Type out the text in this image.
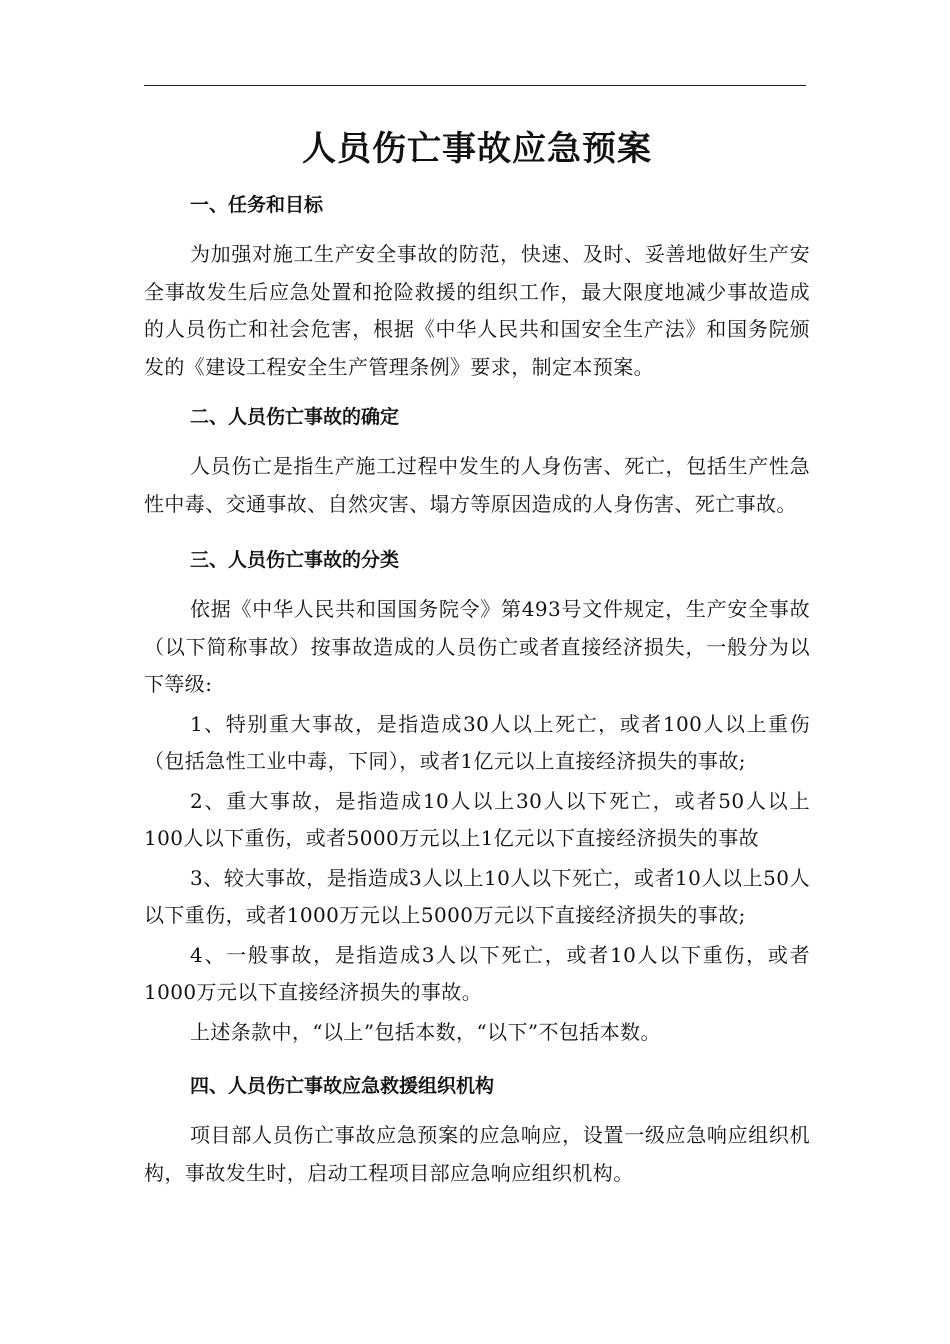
人员伤亡事故应急预案
一、任务和目标

为加强对施工生产安全事故的防范，快速、及时、妥善地做好生产安全事故发生后应急处置和抢险救援的组织工作，最大限度地减少事故造成的人员伤亡和社会危害，根据《中华人民共和国安全生产法》和国务院颁发的《建设工程安全生产管理条例》要求，制定本预案。

二、人员伤亡事故的确定

人员伤亡是指生产施工过程中发生的人身伤害、死亡，包括生产性急性中毒、交通事故、自然灾害、塌方等原因造成的人身伤害、死亡事故。

三、人员伤亡事故的分类

依据《中华人民共和国国务院令》第493号文件规定，生产安全事故（以下简称事故）按事故造成的人员伤亡或者直接经济损失，一般分为以下等级:

1、特别重大事故，是指造成30人以上死亡，或者100人以上重伤（包括急性工业中毒，下同），或者1亿元以上直接经济损失的事故;

2、重大事故，是指造成10人以上30人以下死亡，或者50人以上100人以下重伤，或者5000万元以上1亿元以下直接经济损失的事故

3、较大事故，是指造成3人以上10人以下死亡，或者10人以上50人以下重伤，或者1000万元以上5000万元以下直接经济损失的事故;

4、一般事故，是指造成3人以下死亡，或者10人以下重伤，或者1000万元以下直接经济损失的事故。

上述条款中，“以上”包括本数，“以下”不包括本数。

四、人员伤亡事故应急救援组织机构

项目部人员伤亡事故应急预案的应急响应，设置一级应急响应组织机构，事故发生时，启动工程项目部应急响应组织机构。
